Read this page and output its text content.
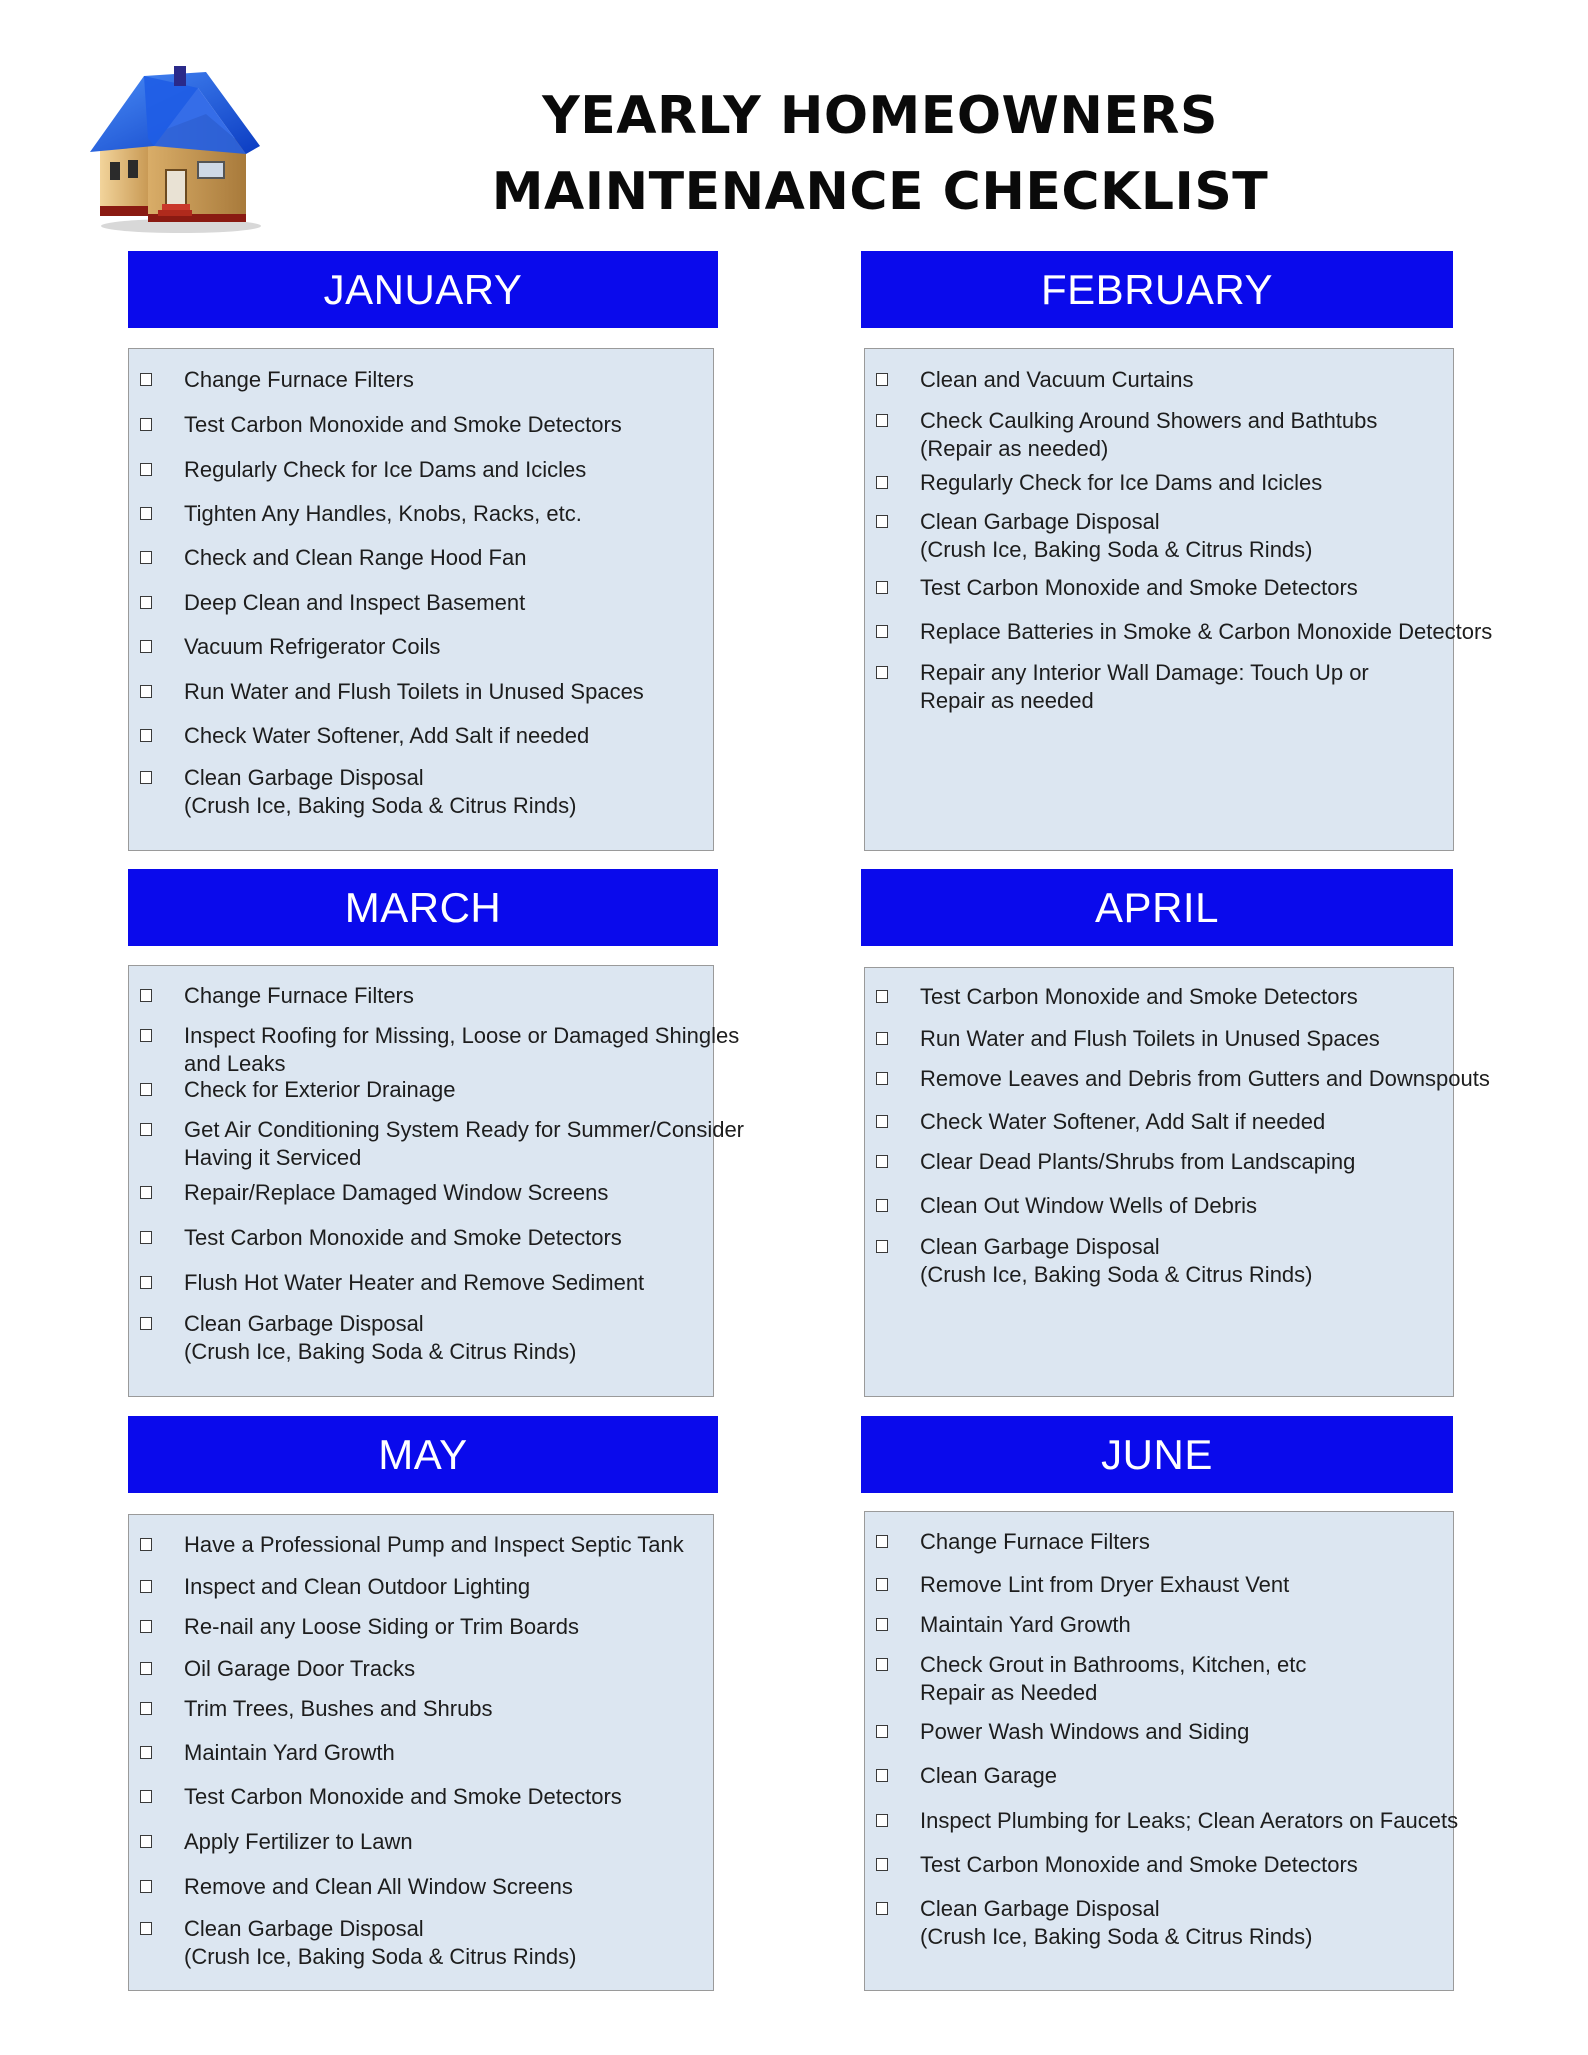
YEARLY HOMEOWNERS
MAINTENANCE CHECKLIST
JANUARY
Change Furnace Filters
Test Carbon Monoxide and Smoke Detectors
Regularly Check for Ice Dams and Icicles
Tighten Any Handles, Knobs, Racks, etc.
Check and Clean Range Hood Fan
Deep Clean and Inspect Basement
Vacuum Refrigerator Coils
Run Water and Flush Toilets in Unused Spaces
Check Water Softener, Add Salt if needed
Clean Garbage Disposal
(Crush Ice, Baking Soda & Citrus Rinds)
FEBRUARY
Clean and Vacuum Curtains
Check Caulking Around Showers and Bathtubs
(Repair as needed)
Regularly Check for Ice Dams and Icicles
Clean Garbage Disposal
(Crush Ice, Baking Soda & Citrus Rinds)
Test Carbon Monoxide and Smoke Detectors
Replace Batteries in Smoke & Carbon Monoxide Detectors
Repair any Interior Wall Damage: Touch Up or
Repair as needed
MARCH
Change Furnace Filters
Inspect Roofing for Missing, Loose or Damaged Shingles
and Leaks
Check for Exterior Drainage
Get Air Conditioning System Ready for Summer/Consider
Having it Serviced
Repair/Replace Damaged Window Screens
Test Carbon Monoxide and Smoke Detectors
Flush Hot Water Heater and Remove Sediment
Clean Garbage Disposal
(Crush Ice, Baking Soda & Citrus Rinds)
APRIL
Test Carbon Monoxide and Smoke Detectors
Run Water and Flush Toilets in Unused Spaces
Remove Leaves and Debris from Gutters and Downspouts
Check Water Softener, Add Salt if needed
Clear Dead Plants/Shrubs from Landscaping
Clean Out Window Wells of Debris
Clean Garbage Disposal
(Crush Ice, Baking Soda & Citrus Rinds)
MAY
Have a Professional Pump and Inspect Septic Tank
Inspect and Clean Outdoor Lighting
Re-nail any Loose Siding or Trim Boards
Oil Garage Door Tracks
Trim Trees, Bushes and Shrubs
Maintain Yard Growth
Test Carbon Monoxide and Smoke Detectors
Apply Fertilizer to Lawn
Remove and Clean All Window Screens
Clean Garbage Disposal
(Crush Ice, Baking Soda & Citrus Rinds)
JUNE
Change Furnace Filters
Remove Lint from Dryer Exhaust Vent
Maintain Yard Growth
Check Grout in Bathrooms, Kitchen, etc
Repair as Needed
Power Wash Windows and Siding
Clean Garage
Inspect Plumbing for Leaks; Clean Aerators on Faucets
Test Carbon Monoxide and Smoke Detectors
Clean Garbage Disposal
(Crush Ice, Baking Soda & Citrus Rinds)
